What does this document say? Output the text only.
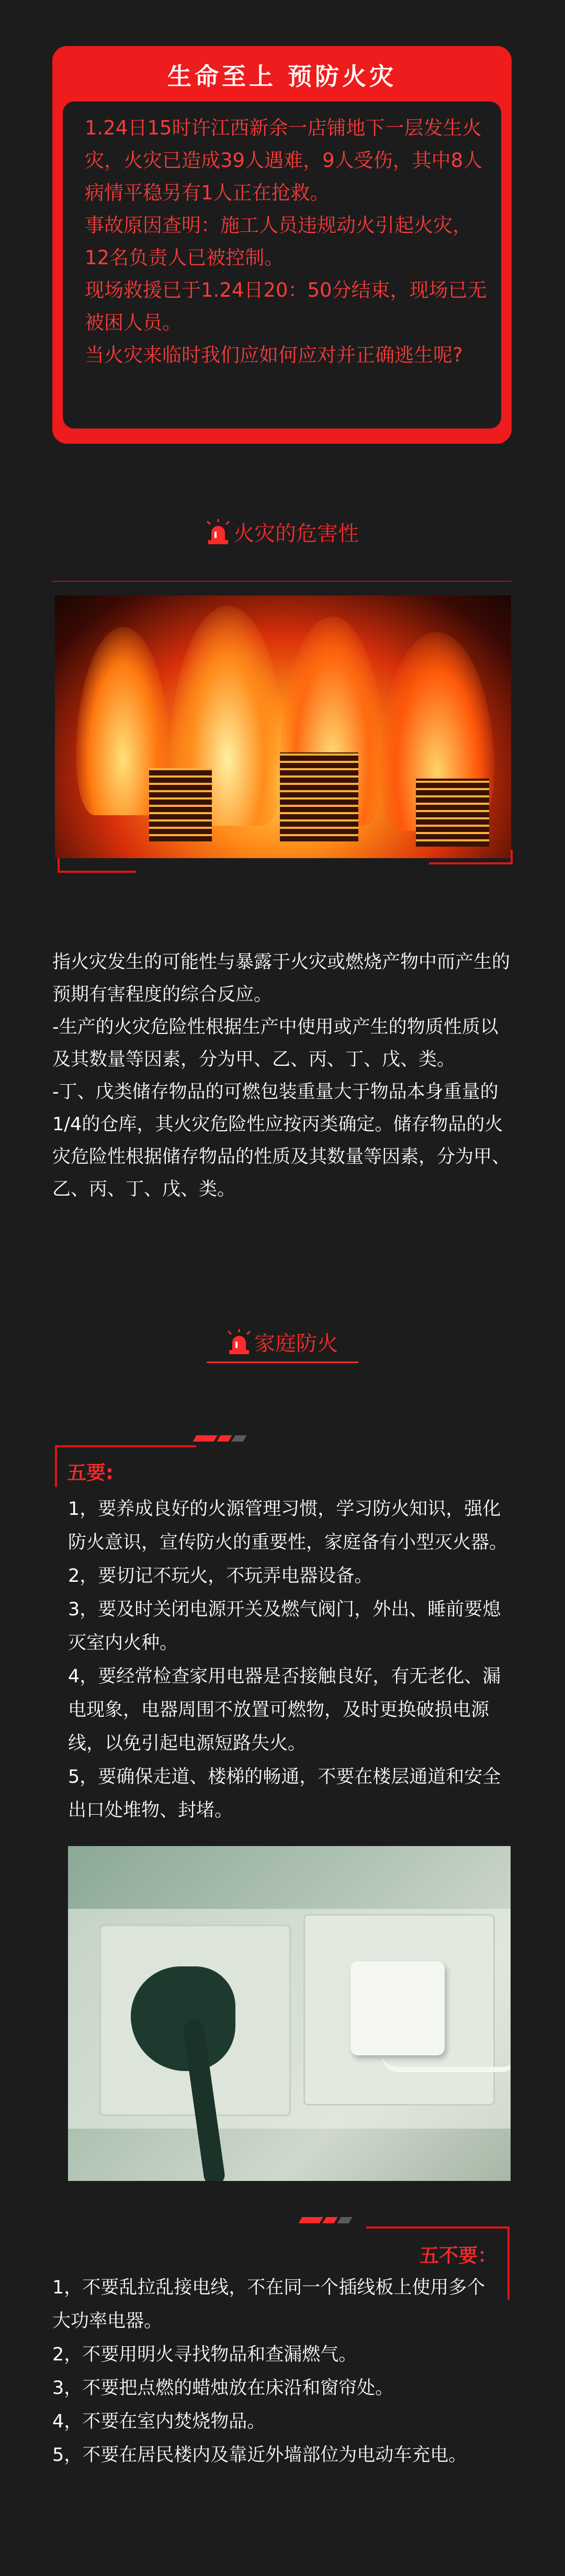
生命至上 预防火灾

1.24日15时许江西新余一店铺地下一层发生火灾，火灾已造成39人遇难，9人受伤，其中8人病情平稳另有1人正在抢救。

事故原因查明：施工人员违规动火引起火灾，12名负责人已被控制。

现场救援已于1.24日20：50分结束，现场已无被困人员。

当火灾来临时我们应如何应对并正确逃生呢?

火灾的危害性

指火灾发生的可能性与暴露于火灾或燃烧产物中而产生的预期有害程度的综合反应。

-生产的火灾危险性根据生产中使用或产生的物质性质以及其数量等因素，分为甲、乙、丙、丁、戊、类。

-丁、戊类储存物品的可燃包装重量大于物品本身重量的1/4的仓库，其火灾危险性应按丙类确定。储存物品的火灾危险性根据储存物品的性质及其数量等因素，分为甲、乙、丙、丁、戊、类。

家庭防火
五要:

1，要养成良好的火源管理习惯，学习防火知识，强化防火意识，宣传防火的重要性，家庭备有小型灭火器。

2，要切记不玩火，不玩弄电器设备。

3，要及时关闭电源开关及燃气阀门，外出、睡前要熄灭室内火种。

4，要经常检查家用电器是否接触良好，有无老化、漏电现象，电器周围不放置可燃物，及时更换破损电源线，以免引起电源短路失火。

5，要确保走道、楼梯的畅通，不要在楼层通道和安全出口处堆物、封堵。

五不要：

1，不要乱拉乱接电线，不在同一个插线板上使用多个大功率电器。

2，不要用明火寻找物品和查漏燃气。

3，不要把点燃的蜡烛放在床沿和窗帘处。

4，不要在室内焚烧物品。

5，不要在居民楼内及靠近外墙部位为电动车充电。
